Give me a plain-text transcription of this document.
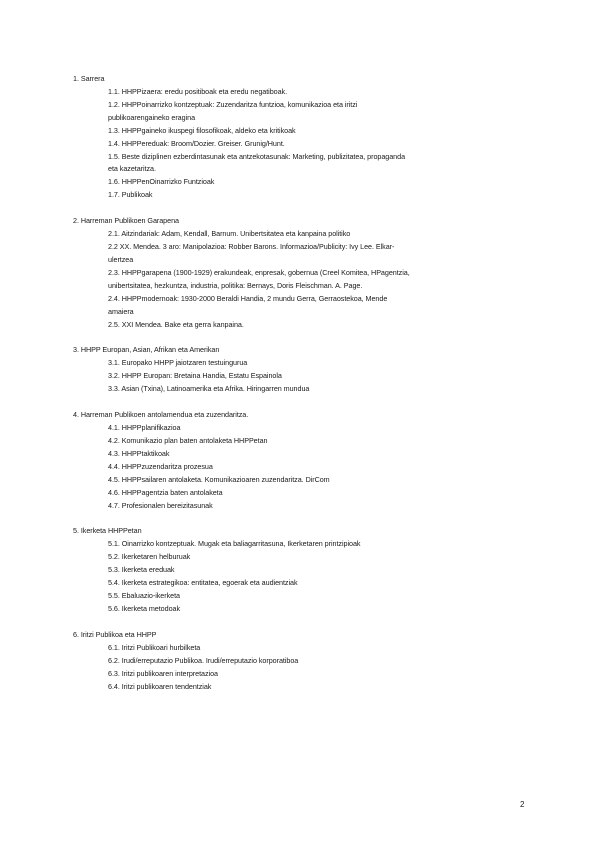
1. Sarrera
1.1. HHPPizaera: eredu positiboak eta eredu negatiboak.
1.2. HHPPoinarrizko kontzeptuak: Zuzendaritza funtzioa, komunikazioa eta iritzi publikoarengaineko eragina
1.3. HHPPgaineko ikuspegi filosofikoak, aldeko eta kritikoak
1.4. HHPPereduak: Broom/Dozier. Greiser. Grunig/Hunt.
1.5. Beste diziplinen ezberdintasunak eta antzekotasunak: Marketing, publizitatea, propaganda eta kazetaritza.
1.6. HHPPenOinarrizko Funtzioak
1.7. Publikoak
2. Harreman Publikoen Garapena
2.1. Aitzindariak: Adam, Kendall, Barnum. Unibertsitatea eta kanpaina politiko
2.2 XX. Mendea. 3 aro: Manipolazioa: Robber Barons. Informazioa/Publicity: Ivy Lee. Elkar-ulertzea
2.3. HHPPgarapena (1900-1929) erakundeak, enpresak, gobernua (Creel Komitea, HPagentzia, unibertsitatea, hezkuntza, industria, politika: Bernays, Doris Fleischman. A. Page.
2.4. HHPPmodernoak: 1930-2000 Beraldi Handia, 2 mundu Gerra, Gerraostekoa, Mende amaiera
2.5. XXI Mendea. Bake eta gerra kanpaina.
3. HHPP Europan, Asian, Afrikan eta Amerikan
3.1. Europako HHPP jaiotzaren testuingurua
3.2. HHPP Europan: Bretaina Handia, Estatu Espainola
3.3. Asian (Txina), Latinoamerika eta Afrika. Hiringarren mundua
4. Harreman Publikoen antolamendua eta zuzendaritza.
4.1. HHPPplanifikazioa
4.2. Komunikazio plan baten antolaketa HHPPetan
4.3. HHPPtaktikoak
4.4. HHPPzuzendaritza prozesua
4.5. HHPPsailaren antolaketa. Komunikazioaren zuzendaritza. DirCom
4.6. HHPPagentzia baten antolaketa
4.7. Profesionalen bereizitasunak
5. Ikerketa HHPPetan
5.1. Oinarrizko kontzeptuak. Mugak eta baliagarritasuna, Ikerketaren printzipioak
5.2. Ikerketaren helburuak
5.3. Ikerketa ereduak
5.4. Ikerketa estrategikoa: entitatea, egoerak eta audientziak
5.5. Ebaluazio-ikerketa
5.6. Ikerketa metodoak
6. Iritzi Publikoa eta HHPP
6.1. Iritzi Publikoari hurbilketa
6.2. Irudi/erreputazio Publikoa. Irudi/erreputazio korporatiboa
6.3. Iritzi publikoaren interpretazioa
6.4. Iritzi publikoaren tendentziak
2
